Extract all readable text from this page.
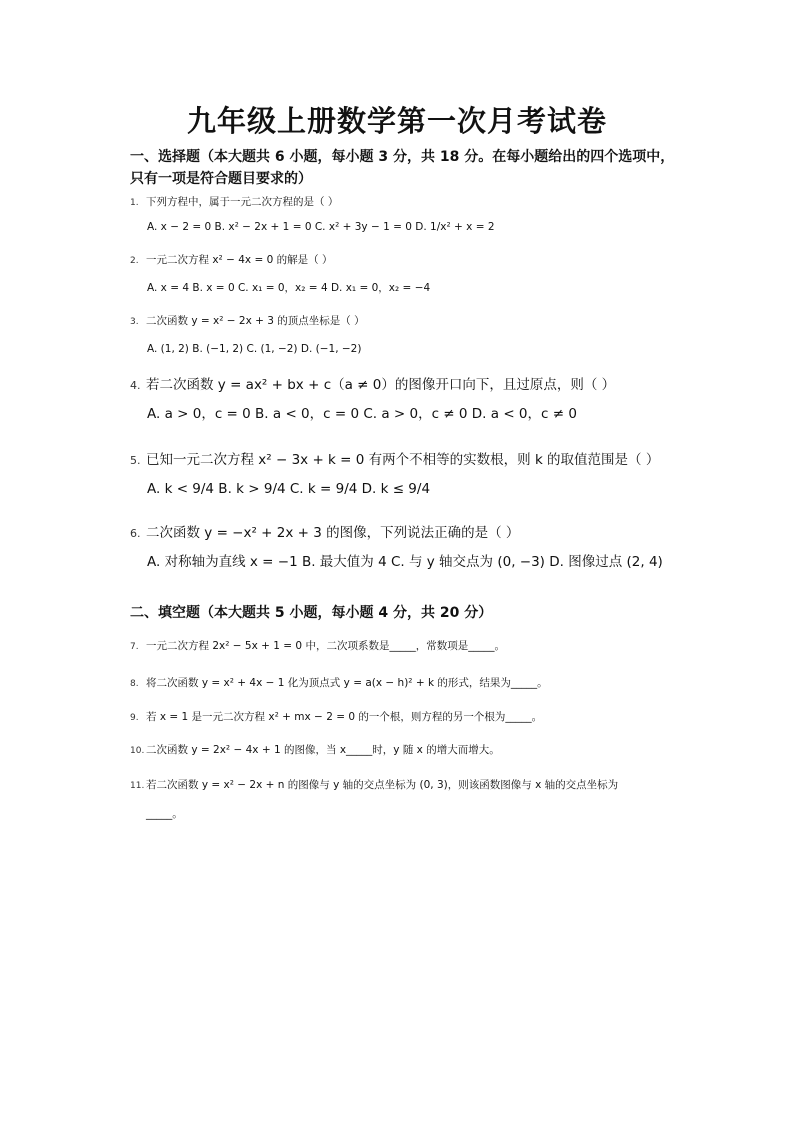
九年级上册数学第一次月考试卷
一、选择题（本大题共 6 小题，每小题 3 分，共 18 分。在每小题给出的四个选项中，只有一项是符合题目要求的）
1. 下列方程中，属于一元二次方程的是（ ）
A. x − 2 = 0 B. x² − 2x + 1 = 0 C. x² + 3y − 1 = 0 D. 1/x² + x = 2
2. 一元二次方程 x² − 4x = 0 的解是（ ）
A. x = 4 B. x = 0 C. x₁ = 0，x₂ = 4 D. x₁ = 0，x₂ = −4
3. 二次函数 y = x² − 2x + 3 的顶点坐标是（ ）
A. (1, 2) B. (−1, 2) C. (1, −2) D. (−1, −2)
4. 若二次函数 y = ax² + bx + c（a ≠ 0）的图像开口向下，且过原点，则（ ）
A. a > 0，c = 0 B. a < 0，c = 0 C. a > 0，c ≠ 0 D. a < 0，c ≠ 0
5. 已知一元二次方程 x² − 3x + k = 0 有两个不相等的实数根，则 k 的取值范围是（ ）
A. k < 9/4 B. k > 9/4 C. k = 9/4 D. k ≤ 9/4
6. 二次函数 y = −x² + 2x + 3 的图像，下列说法正确的是（ ）
A. 对称轴为直线 x = −1 B. 最大值为 4 C. 与 y 轴交点为 (0, −3) D. 图像过点 (2, 4)
二、填空题（本大题共 5 小题，每小题 4 分，共 20 分）
7. 一元二次方程 2x² − 5x + 1 = 0 中，二次项系数是_____，常数项是_____。
8. 将二次函数 y = x² + 4x − 1 化为顶点式 y = a(x − h)² + k 的形式，结果为_____。
9. 若 x = 1 是一元二次方程 x² + mx − 2 = 0 的一个根，则方程的另一个根为_____。
10. 二次函数 y = 2x² − 4x + 1 的图像，当 x_____时，y 随 x 的增大而增大。
11. 若二次函数 y = x² − 2x + n 的图像与 y 轴的交点坐标为 (0, 3)，则该函数图像与 x 轴的交点坐标为
_____。
